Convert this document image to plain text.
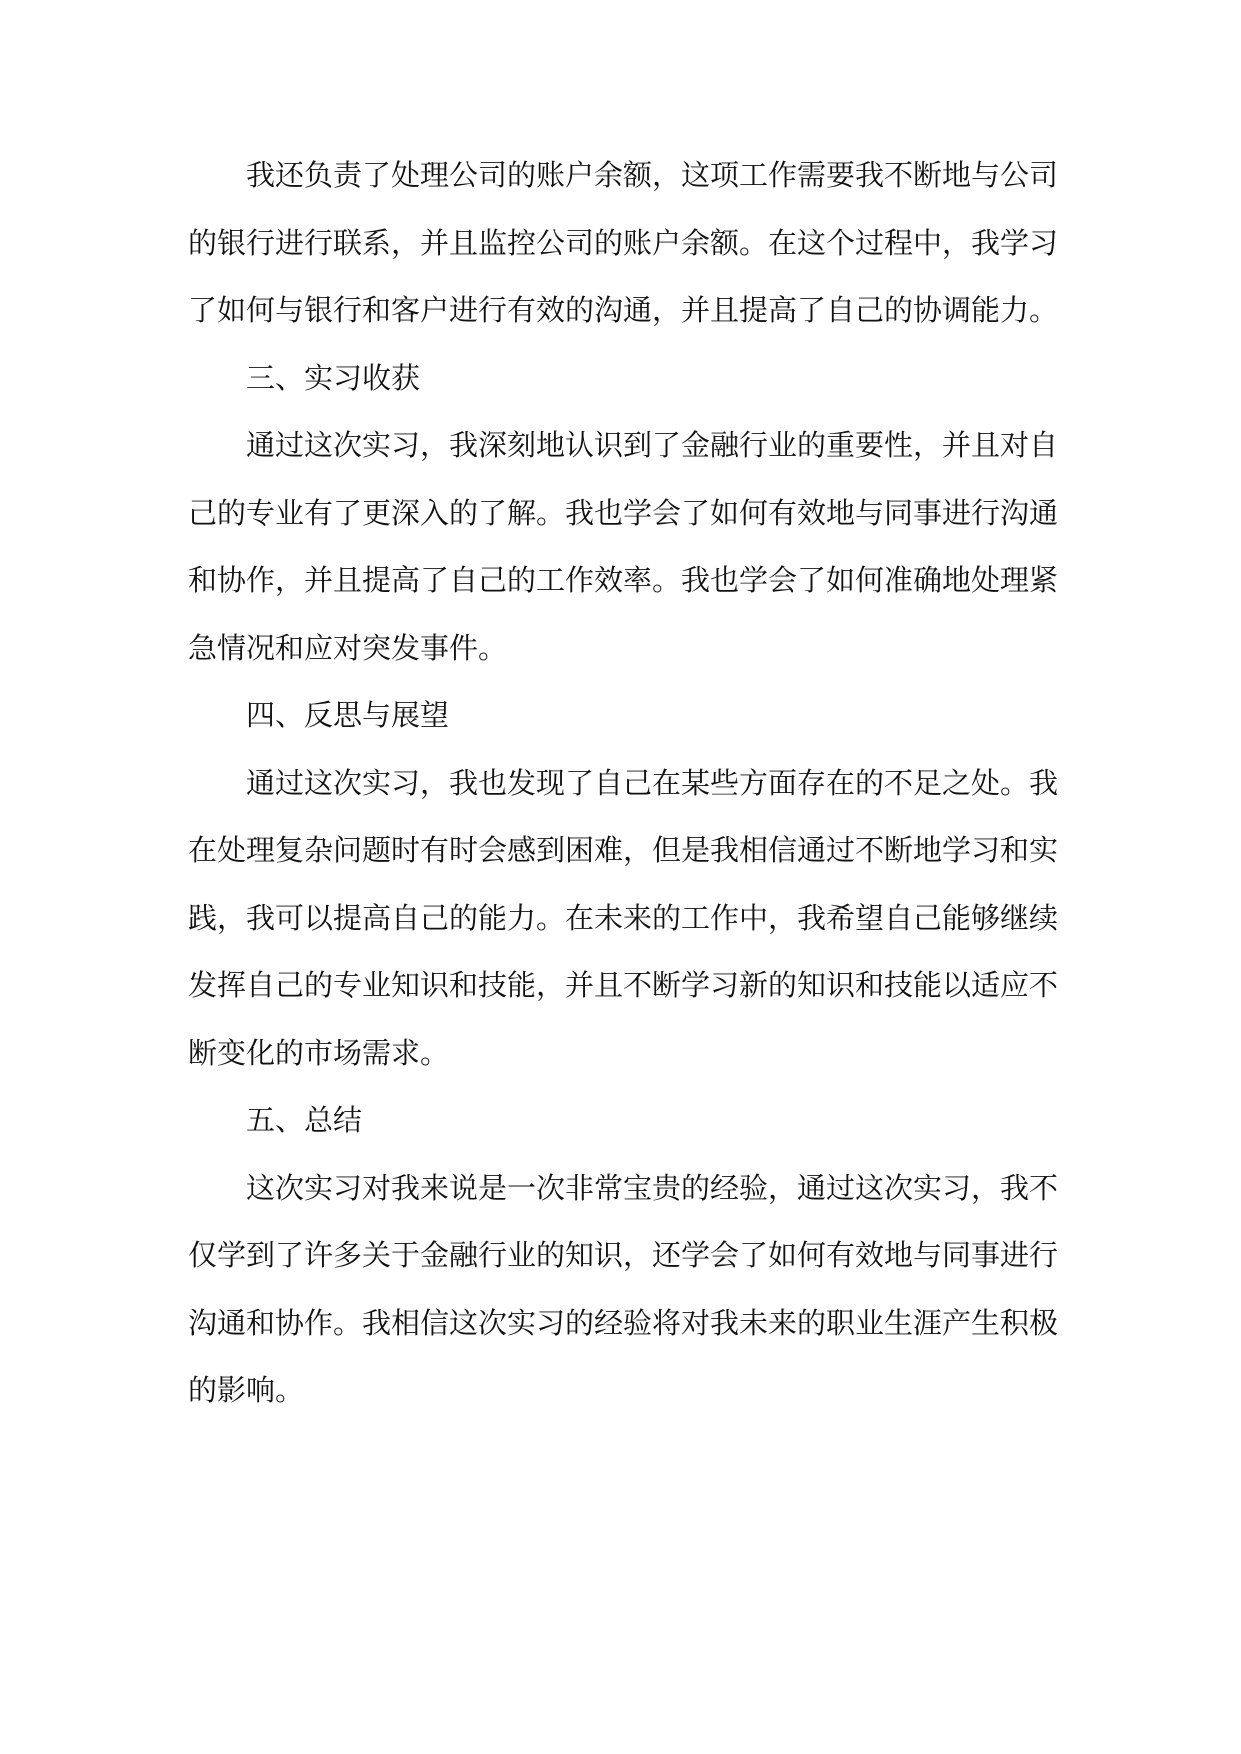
我还负责了处理公司的账户余额，这项工作需要我不断地与公司的银行进行联系，并且监控公司的账户余额。在这个过程中，我学习了如何与银行和客户进行有效的沟通，并且提高了自己的协调能力。

三、实习收获

通过这次实习，我深刻地认识到了金融行业的重要性，并且对自己的专业有了更深入的了解。我也学会了如何有效地与同事进行沟通和协作，并且提高了自己的工作效率。我也学会了如何准确地处理紧急情况和应对突发事件。

四、反思与展望

通过这次实习，我也发现了自己在某些方面存在的不足之处。我在处理复杂问题时有时会感到困难，但是我相信通过不断地学习和实践，我可以提高自己的能力。在未来的工作中，我希望自己能够继续发挥自己的专业知识和技能，并且不断学习新的知识和技能以适应不断变化的市场需求。

五、总结

这次实习对我来说是一次非常宝贵的经验，通过这次实习，我不仅学到了许多关于金融行业的知识，还学会了如何有效地与同事进行沟通和协作。我相信这次实习的经验将对我未来的职业生涯产生积极的影响。
